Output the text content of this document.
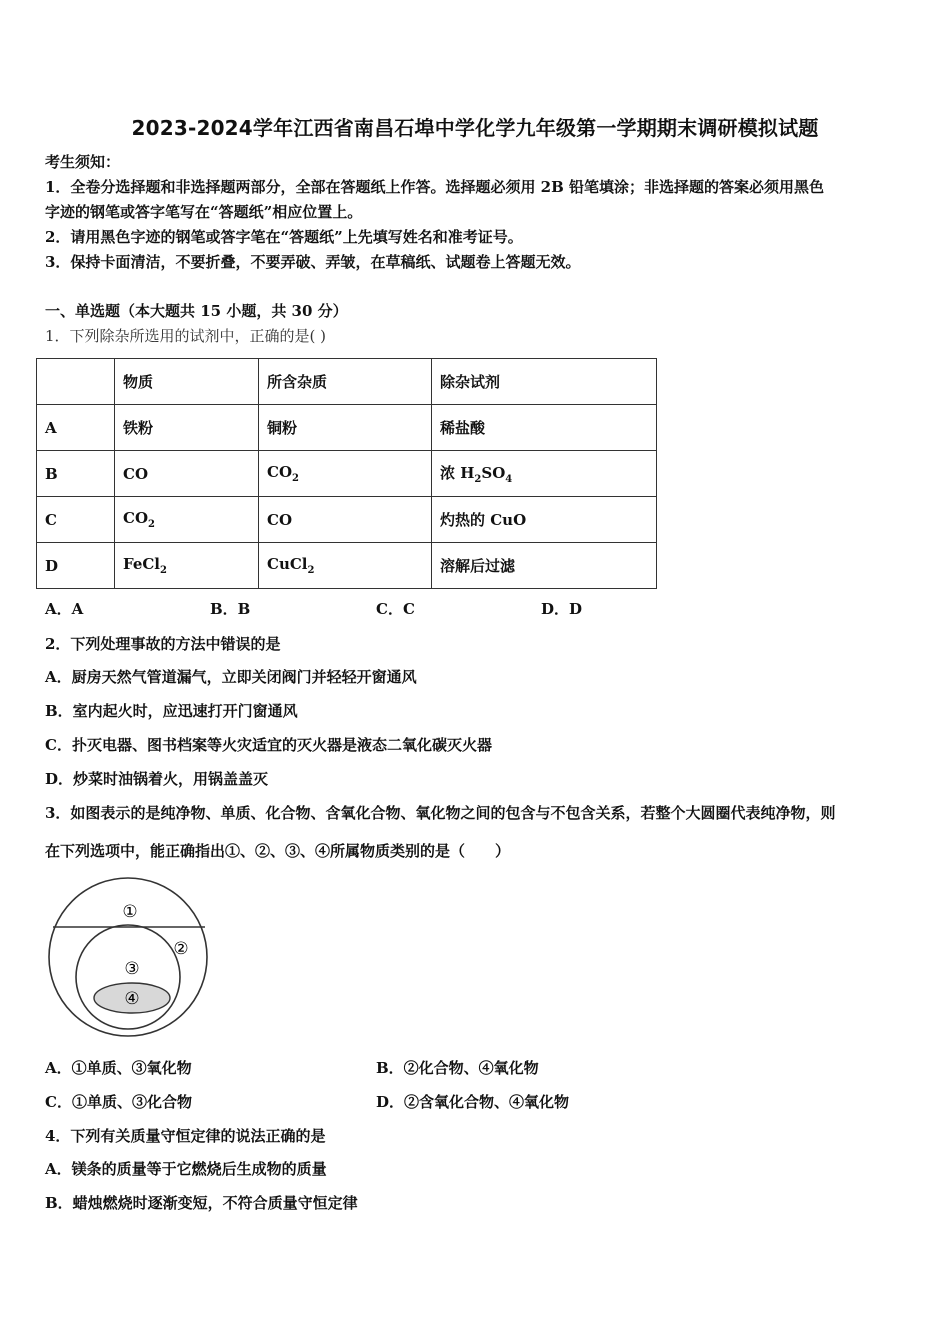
2023-2024学年江西省南昌石埠中学化学九年级第一学期期末调研模拟试题
考生须知：
1．全卷分选择题和非选择题两部分，全部在答题纸上作答。选择题必须用 2B 铅笔填涂；非选择题的答案必须用黑色
字迹的钢笔或答字笔写在“答题纸”相应位置上。
2．请用黑色字迹的钢笔或答字笔在“答题纸”上先填写姓名和准考证号。
3．保持卡面清洁，不要折叠，不要弄破、弄皱，在草稿纸、试题卷上答题无效。
一、单选题（本大题共 15 小题，共 30 分）
1．下列除杂所选用的试剂中，正确的是( )
	物质	所含杂质	除杂试剂
A	铁粉	铜粉	稀盐酸
B	CO	$CO_2$	浓 $H_2SO_4$
C	$CO_2$	CO	灼热的 CuO
D	FeCl$_2$	CuCl$_2$	溶解后过滤
A．A	B．B	C．C	D．D
2．下列处理事故的方法中错误的是
A．厨房天然气管道漏气，立即关闭阀门并轻轻开窗通风
B．室内起火时，应迅速打开门窗通风
C．扑灭电器、图书档案等火灾适宜的灭火器是液态二氧化碳灭火器
D．炒菜时油锅着火，用锅盖盖灭
3．如图表示的是纯净物、单质、化合物、含氧化合物、氧化物之间的包含与不包含关系，若整个大圆圈代表纯净物，则
在下列选项中，能正确指出①、②、③、④所属物质类别的是（　　）
①
②
③
④
A．①单质、③氧化物	B．②化合物、④氧化物
C．①单质、③化合物	D．②含氧化合物、④氧化物
4．下列有关质量守恒定律的说法正确的是
A．镁条的质量等于它燃烧后生成物的质量
B．蜡烛燃烧时逐渐变短，不符合质量守恒定律
